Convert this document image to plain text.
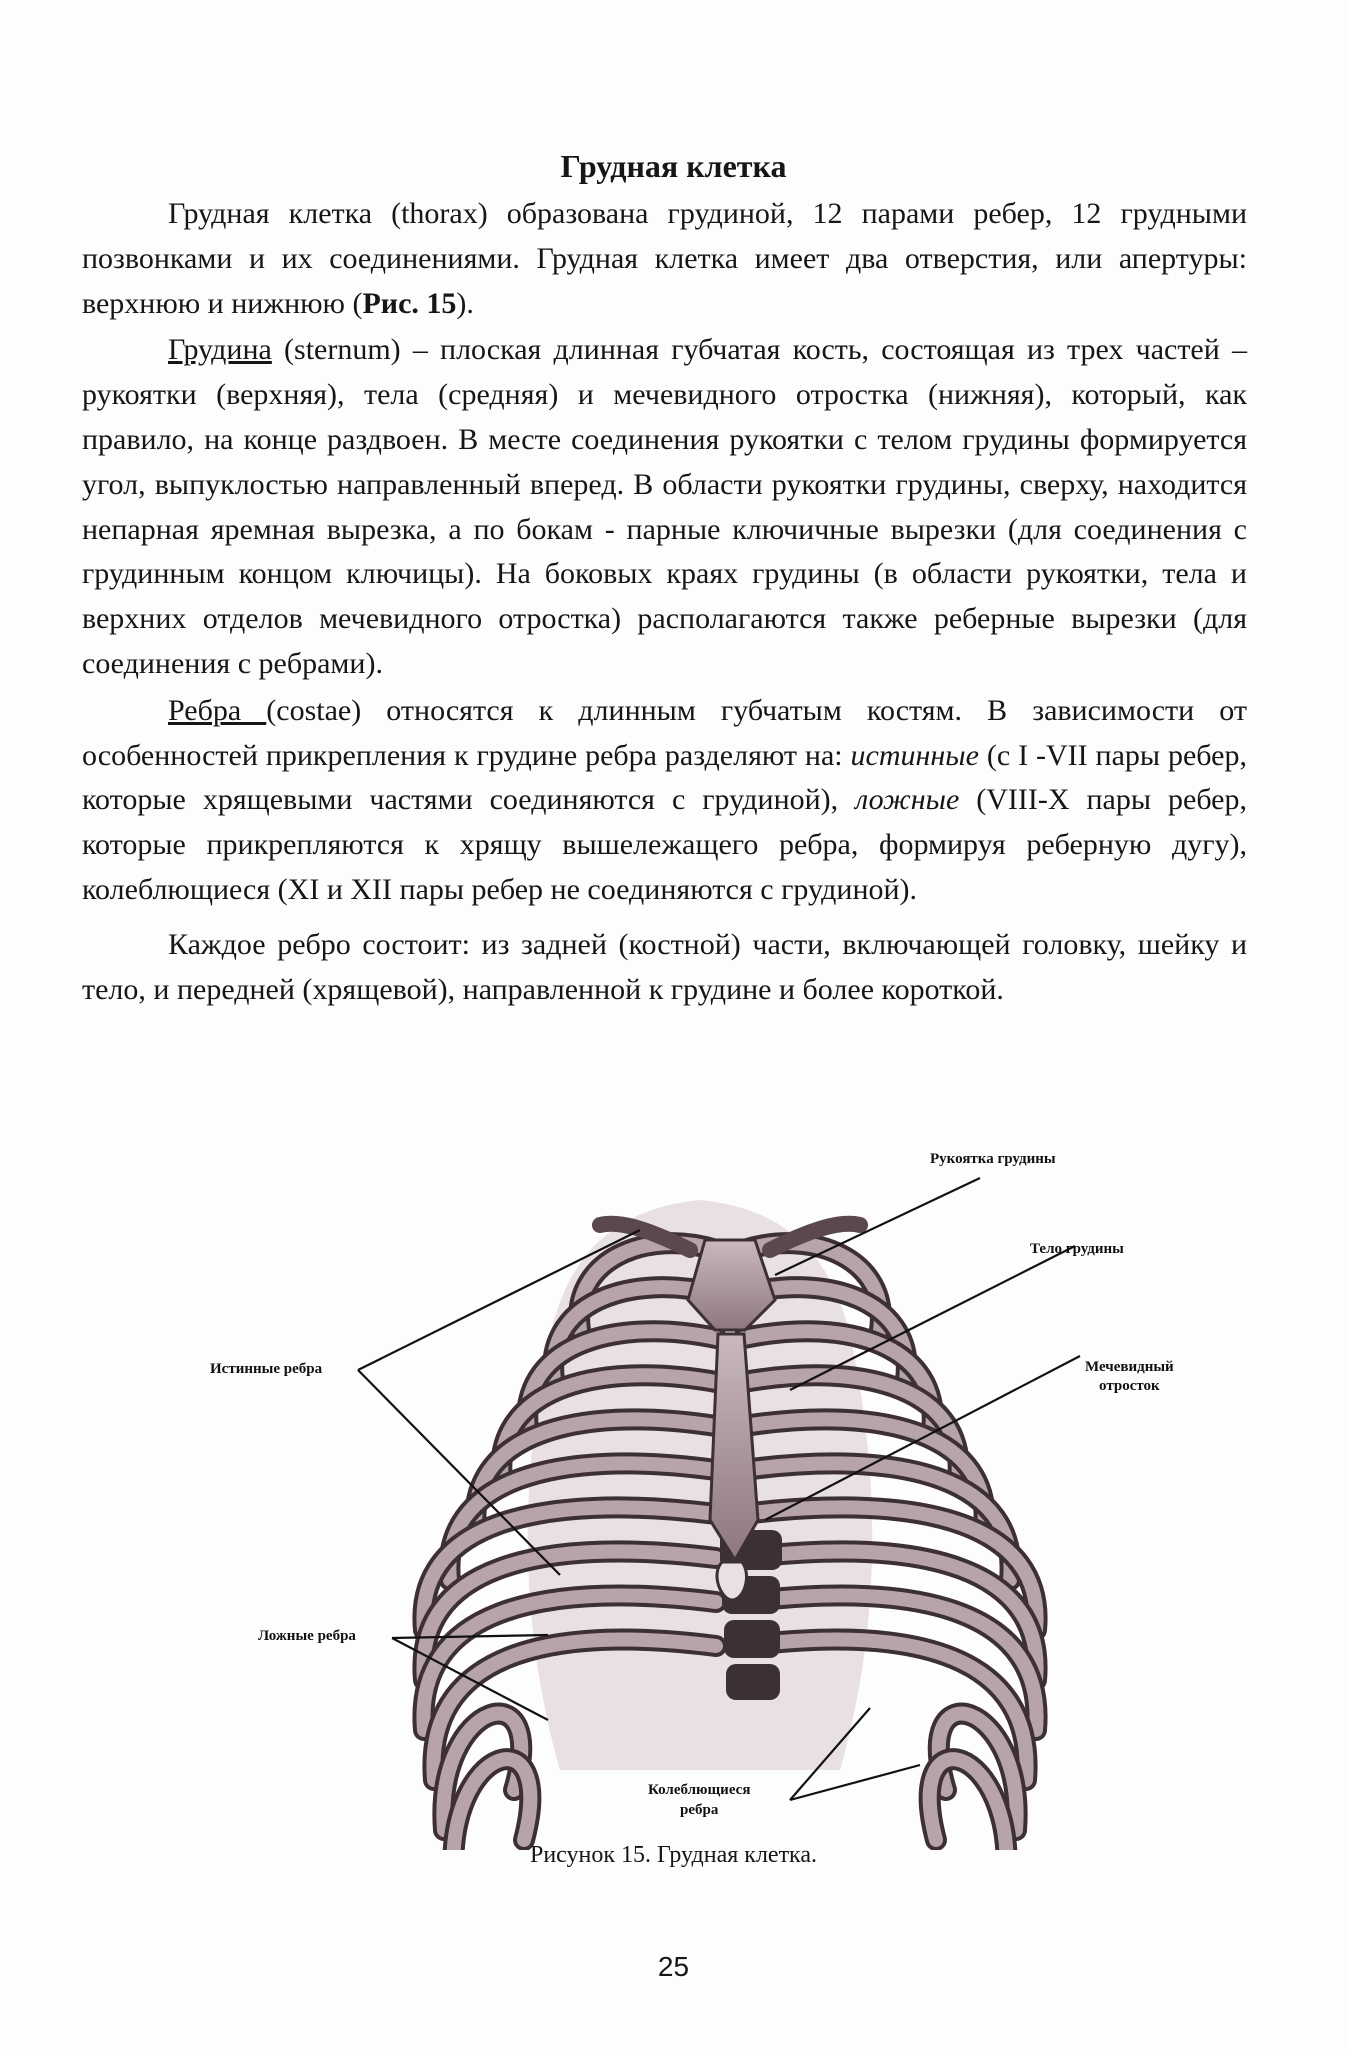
Грудная клетка

Грудная клетка (thorax) образована грудиной, 12 парами ребер, 12 грудными позвонками и их соединениями. Грудная клетка имеет два отверстия, или апертуры: верхнюю и нижнюю (Рис. 15).

Грудина (sternum) – плоская длинная губчатая кость, состоящая из трех частей – рукоятки (верхняя), тела (средняя) и мечевидного отростка (нижняя), который, как правило, на конце раздвоен. В месте соединения рукоятки с телом грудины формируется угол, выпуклостью направленный вперед. В области рукоятки грудины, сверху, находится непарная яремная вырезка, а по бокам - парные ключичные вырезки (для соединения с грудинным концом ключицы). На боковых краях грудины (в области рукоятки, тела и верхних отделов мечевидного отростка) располагаются также реберные вырезки (для соединения с ребрами).

Ребра (costae) относятся к длинным губчатым костям. В зависимости от особенностей прикрепления к грудине ребра разделяют на: истинные (с I -VII пары ребер, которые хрящевыми частями соединяются с грудиной), ложные (VIII-X пары ребер, которые прикрепляются к хрящу вышележащего ребра, формируя реберную дугу), колеблющиеся (XI и XII пары ребер не соединяются с грудиной).

Каждое ребро состоит: из задней (костной) части, включающей головку, шейку и тело, и передней (хрящевой), направленной к грудине и более короткой.

Рукоятка грудины
Тело грудины
Мечевидный
отросток
Истинные ребра
Ложные ребра
Колеблющиеся
ребра
Рисунок 15. Грудная клетка.
25
